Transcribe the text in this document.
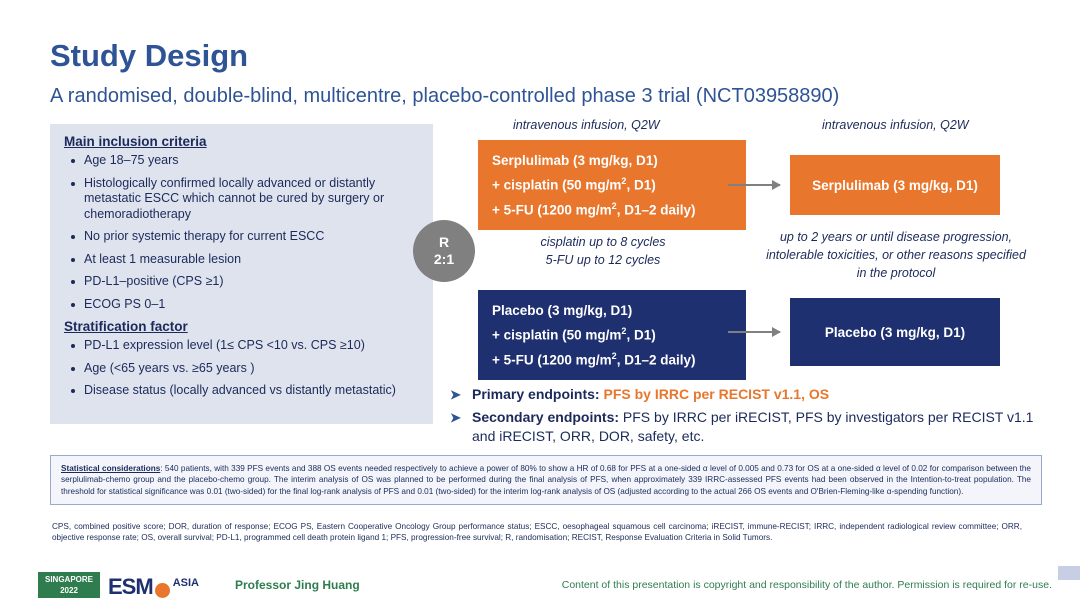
Study Design
A randomised, double-blind, multicentre, placebo-controlled phase 3 trial (NCT03958890)
Main inclusion criteria
Age 18–75 years
Histologically confirmed locally advanced or distantly metastatic ESCC which cannot be cured by surgery or chemoradiotherapy
No prior systemic therapy for current ESCC
At least 1 measurable lesion
PD-L1–positive (CPS ≥1)
ECOG PS 0–1
Stratification factor
PD-L1 expression level (1≤ CPS <10 vs. CPS ≥10)
Age (<65 years vs. ≥65 years )
Disease status (locally advanced vs distantly metastatic)
R
2:1
intravenous infusion, Q2W	intravenous infusion, Q2W
Serplulimab (3 mg/kg, D1)
+ cisplatin (50 $mg/m^2$, D1)
+ 5-FU (1200 $mg/m^2$, D1–2 daily)
Placebo (3 mg/kg, D1)
+ cisplatin (50 $mg/m^2$, D1)
+ 5-FU (1200 $mg/m^2$, D1–2 daily)
Serplulimab (3 mg/kg, D1)
Placebo (3 mg/kg, D1)
cisplatin up to 8 cycles
5-FU up to 12 cycles
up to 2 years or until disease progression, intolerable toxicities, or other reasons specified in the protocol
➤ Primary endpoints: PFS by IRRC per RECIST v1.1, OS
➤ Secondary endpoints: PFS by IRRC per iRECIST, PFS by investigators per RECIST v1.1 and iRECIST, ORR, DOR, safety, etc.
Statistical considerations: 540 patients, with 339 PFS events and 388 OS events needed respectively to achieve a power of 80% to show a HR of 0.68 for PFS at a one-sided α level of 0.005 and 0.73 for OS at a one-sided α level of 0.02 for comparison between the serplulimab-chemo group and the placebo-chemo group. The interim analysis of OS was planned to be performed during the final analysis of PFS, when approximately 339 IRRC-assessed PFS events had been observed in the Intention-to-treat population. The threshold for statistical significance was 0.01 (two-sided) for the final log-rank analysis of PFS and 0.01 (two-sided) for the interim log-rank analysis of OS (adjusted according to the actual 266 OS events and O'Brien-Fleming-like α-spending function).
CPS, combined positive score; DOR, duration of response; ECOG PS, Eastern Cooperative Oncology Group performance status; ESCC, oesophageal squamous cell carcinoma; iRECIST, immune-RECIST; IRRC, independent radiological review committee; ORR, objective response rate; OS, overall survival; PD-L1, programmed cell death protein ligand 1; PFS, progression-free survival; R, randomisation; RECIST, Response Evaluation Criteria in Solid Tumors.
SINGAPORE
2022 ESM ASIA	Professor Jing Huang	Content of this presentation is copyright and responsibility of the author. Permission is required for re-use.
